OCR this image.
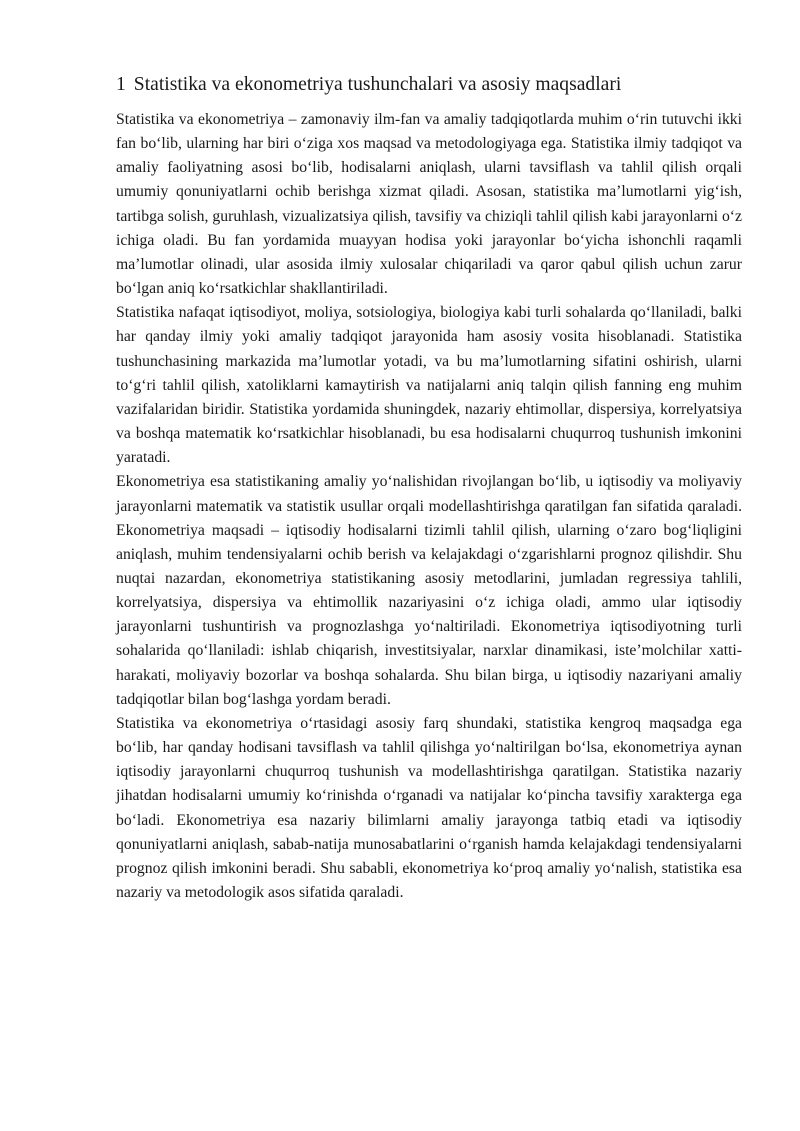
1 Statistika va ekonometriya tushunchalari va asosiy maqsadlari

Statistika va ekonometriya – zamonaviy ilm-fan va amaliy tadqiqotlarda muhim o‘rin tutuvchi ikki fan bo‘lib, ularning har biri o‘ziga xos maqsad va metodologiyaga ega. Statistika ilmiy tadqiqot va amaliy faoliyatning asosi bo‘lib, hodisalarni aniqlash, ularni tavsiflash va tahlil qilish orqali umumiy qonuniyatlarni ochib berishga xizmat qiladi. Asosan, statistika ma’lumotlarni yig‘ish, tartibga solish, guruhlash, vizualizatsiya qilish, tavsifiy va chiziqli tahlil qilish kabi jarayonlarni o‘z ichiga oladi. Bu fan yordamida muayyan hodisa yoki jarayonlar bo‘yicha ishonchli raqamli ma’lumotlar olinadi, ular asosida ilmiy xulosalar chiqariladi va qaror qabul qilish uchun zarur bo‘lgan aniq ko‘rsatkichlar shakllantiriladi.

Statistika nafaqat iqtisodiyot, moliya, sotsiologiya, biologiya kabi turli sohalarda qo‘llaniladi, balki har qanday ilmiy yoki amaliy tadqiqot jarayonida ham asosiy vosita hisoblanadi. Statistika tushunchasining markazida ma’lumotlar yotadi, va bu ma’lumotlarning sifatini oshirish, ularni to‘g‘ri tahlil qilish, xatoliklarni kamaytirish va natijalarni aniq talqin qilish fanning eng muhim vazifalaridan biridir. Statistika yordamida shuningdek, nazariy ehtimollar, dispersiya, korrelyatsiya va boshqa matematik ko‘rsatkichlar hisoblanadi, bu esa hodisalarni chuqurroq tushunish imkonini yaratadi.

Ekonometriya esa statistikaning amaliy yo‘nalishidan rivojlangan bo‘lib, u iqtisodiy va moliyaviy jarayonlarni matematik va statistik usullar orqali modellashtirishga qaratilgan fan sifatida qaraladi. Ekonometriya maqsadi – iqtisodiy hodisalarni tizimli tahlil qilish, ularning o‘zaro bog‘liqligini aniqlash, muhim tendensiyalarni ochib berish va kelajakdagi o‘zgarishlarni prognoz qilishdir. Shu nuqtai nazardan, ekonometriya statistikaning asosiy metodlarini, jumladan regressiya tahlili, korrelyatsiya, dispersiya va ehtimollik nazariyasini o‘z ichiga oladi, ammo ular iqtisodiy jarayonlarni tushuntirish va prognozlashga yo‘naltiriladi. Ekonometriya iqtisodiyotning turli sohalarida qo‘llaniladi: ishlab chiqarish, investitsiyalar, narxlar dinamikasi, iste’molchilar xatti-harakati, moliyaviy bozorlar va boshqa sohalarda. Shu bilan birga, u iqtisodiy nazariyani amaliy tadqiqotlar bilan bog‘lashga yordam beradi.

Statistika va ekonometriya o‘rtasidagi asosiy farq shundaki, statistika kengroq maqsadga ega bo‘lib, har qanday hodisani tavsiflash va tahlil qilishga yo‘naltirilgan bo‘lsa, ekonometriya aynan iqtisodiy jarayonlarni chuqurroq tushunish va modellashtirishga qaratilgan. Statistika nazariy jihatdan hodisalarni umumiy ko‘rinishda o‘rganadi va natijalar ko‘pincha tavsifiy xarakterga ega bo‘ladi. Ekonometriya esa nazariy bilimlarni amaliy jarayonga tatbiq etadi va iqtisodiy qonuniyatlarni aniqlash, sabab-natija munosabatlarini o‘rganish hamda kelajakdagi tendensiyalarni prognoz qilish imkonini beradi. Shu sababli, ekonometriya ko‘proq amaliy yo‘nalish, statistika esa nazariy va metodologik asos sifatida qaraladi.
